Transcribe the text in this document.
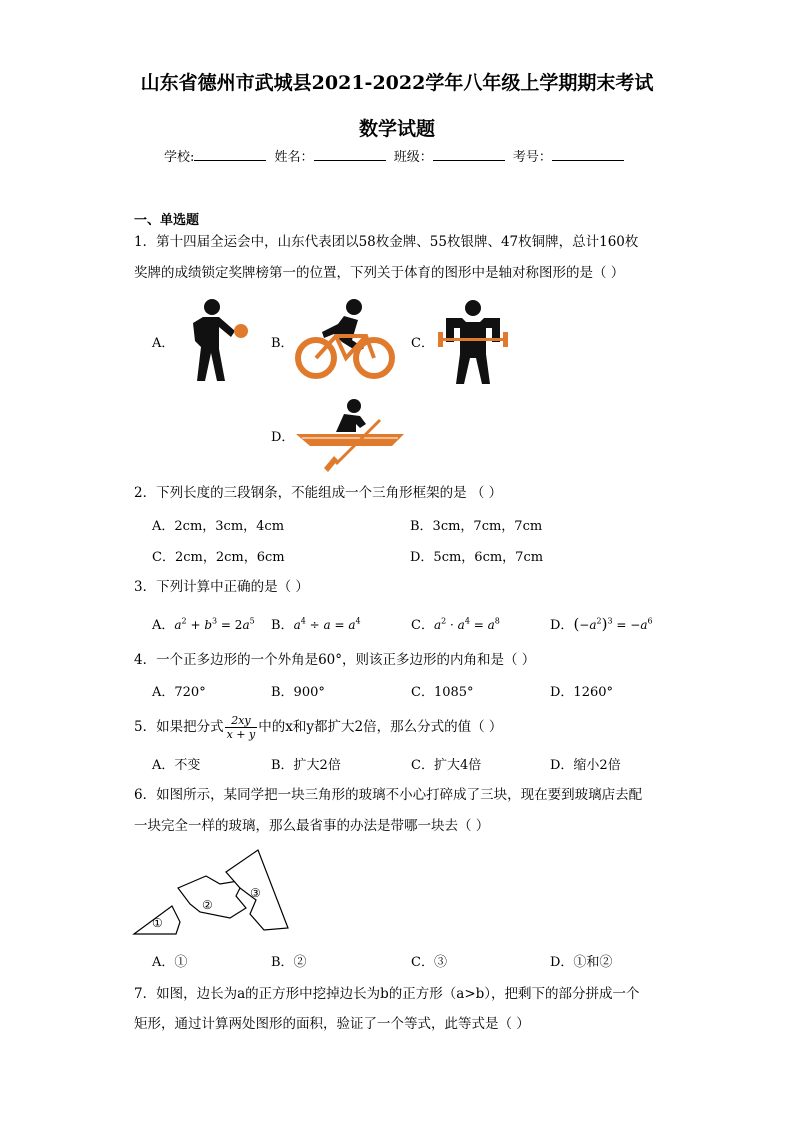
山东省德州市武城县2021-2022学年八年级上学期期末考试
数学试题
学校:	姓名：	班级：	考号：
一、单选题
1．第十四届全运会中，山东代表团以58枚金牌、55枚银牌、47枚铜牌，总计160枚
奖牌的成绩锁定奖牌榜第一的位置，下列关于体育的图形中是轴对称图形的是（ ）
A．	B．	C．
D．
2．下列长度的三段钢条，不能组成一个三角形框架的是 （ ）
A．2cm，3cm，4cm	B．3cm，7cm，7cm
C．2cm，2cm，6cm	D．5cm，6cm，7cm
3．下列计算中正确的是（ ）
A．$a^2 + b^3 = 2a^5$ B．$a^4 \div a = a^4$	C．$a^2 \cdot a^4 = a^8$	D．$(-a^2)^3 = -a^6$
4．一个正多边形的一个外角是60°，则该正多边形的内角和是（ ）
A．720°	B．900°	C．1085°	D．1260°
5．如果把分式 $\frac{2xy}{x + y}$ 中的x和y都扩大2倍，那么分式的值（ ）
A．不变	B．扩大2倍	C．扩大4倍	D．缩小2倍
6．如图所示，某同学把一块三角形的玻璃不小心打碎成了三块，现在要到玻璃店去配
一块完全一样的玻璃，那么最省事的办法是带哪一块去（ ）
①
②
③
A．①	B．②	C．③	D．①和②
7．如图，边长为a的正方形中挖掉边长为b的正方形（a>b），把剩下的部分拼成一个
矩形，通过计算两处图形的面积，验证了一个等式，此等式是（ ）
